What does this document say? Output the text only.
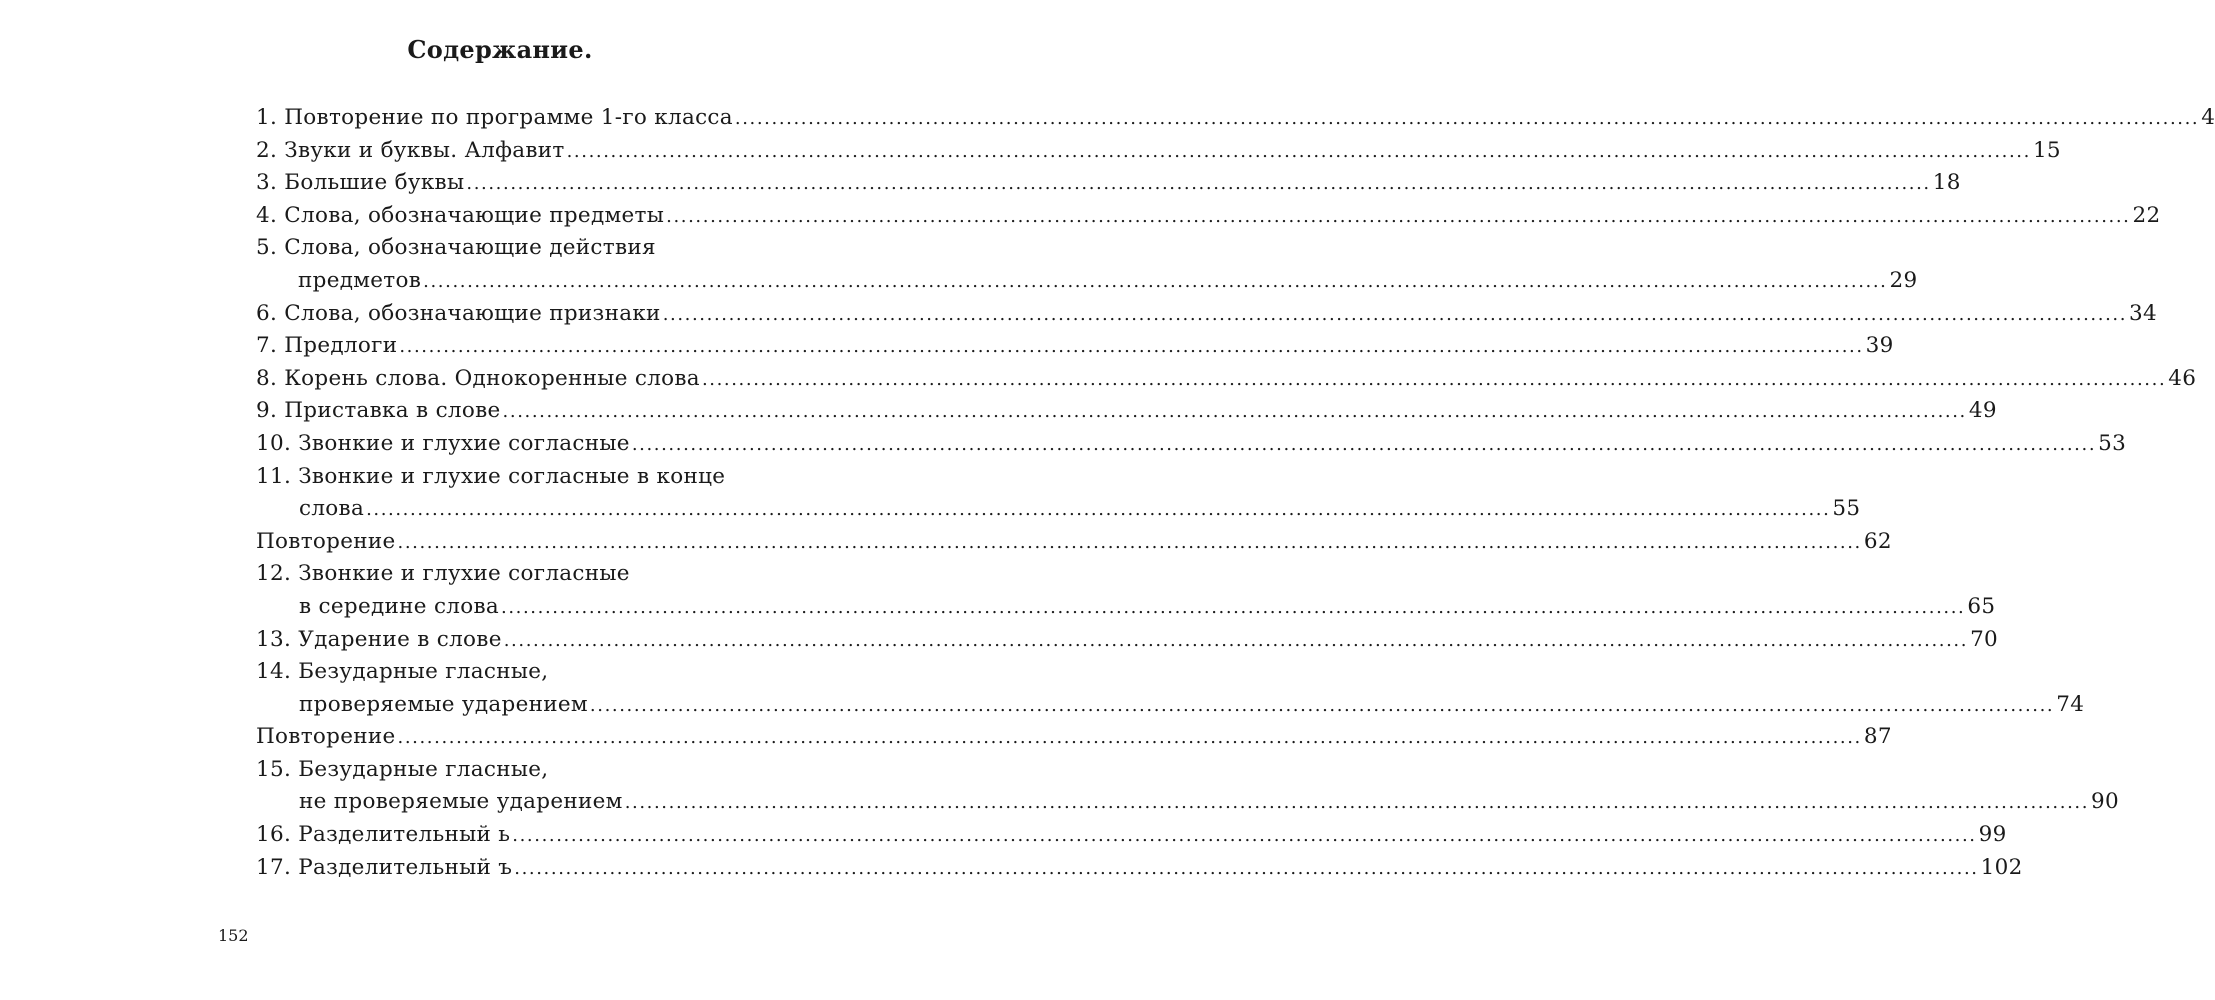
Содержание.
1. Повторение по программе 1-го класса ........................................................................................................................................................................................................ 4
2. Звуки и буквы. Алфавит ........................................................................................................................................................................................................ 15
3. Большие буквы ........................................................................................................................................................................................................ 18
4. Слова, обозначающие предметы ........................................................................................................................................................................................................ 22
5. Слова, обозначающие действия
предметов ........................................................................................................................................................................................................ 29
6. Слова, обозначающие признаки ........................................................................................................................................................................................................ 34
7. Предлоги ........................................................................................................................................................................................................ 39
8. Корень слова. Однокоренные слова ........................................................................................................................................................................................................ 46
9. Приставка в слове ........................................................................................................................................................................................................ 49
10. Звонкие и глухие согласные ........................................................................................................................................................................................................ 53
11. Звонкие и глухие согласные в конце
слова ........................................................................................................................................................................................................ 55
Повторение ........................................................................................................................................................................................................ 62
12. Звонкие и глухие согласные
в середине слова ........................................................................................................................................................................................................ 65
13. Ударение в слове ........................................................................................................................................................................................................ 70
14. Безударные гласные,
проверяемые ударением ........................................................................................................................................................................................................ 74
Повторение ........................................................................................................................................................................................................ 87
15. Безударные гласные,
не проверяемые ударением ........................................................................................................................................................................................................ 90
16. Разделительный ь ........................................................................................................................................................................................................ 99
17. Разделительный ъ ........................................................................................................................................................................................................ 102
152
